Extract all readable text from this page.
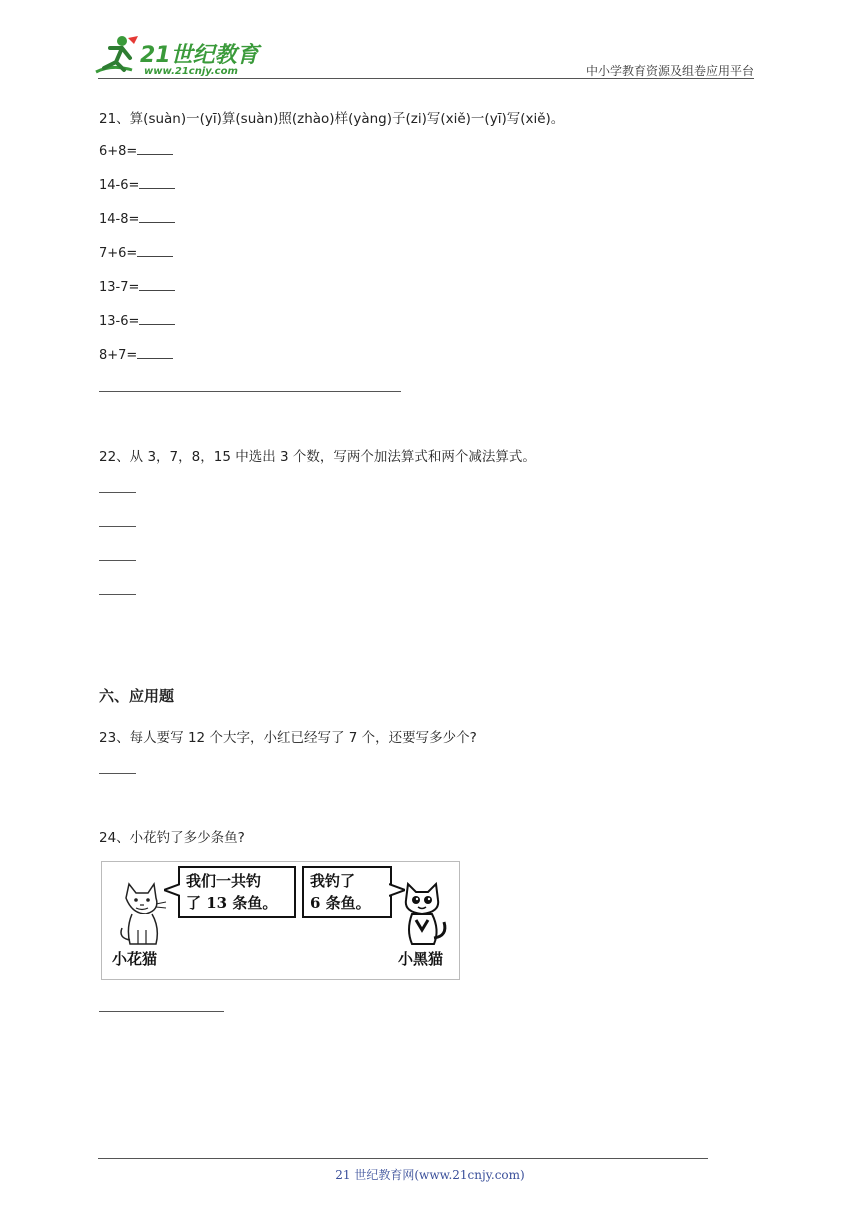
21世纪教育
www.21cnjy.com	中小学教育资源及组卷应用平台
21、算(suàn)一(yī)算(suàn)照(zhào)样(yàng)子(zi)写(xiě)一(yī)写(xiě)。
6+8=
14-6=
14-8=
7+6=
13-7=
13-6=
8+7=
22、从 3，7，8，15 中选出 3 个数，写两个加法算式和两个减法算式。
六、应用题
23、每人要写 12 个大字，小红已经写了 7 个，还要写多少个?
24、小花钓了多少条鱼?
小花猫
我们一共钓
了 13 条鱼。
我钓了
6 条鱼。
小黑猫
21 世纪教育网(www.21cnjy.com)
